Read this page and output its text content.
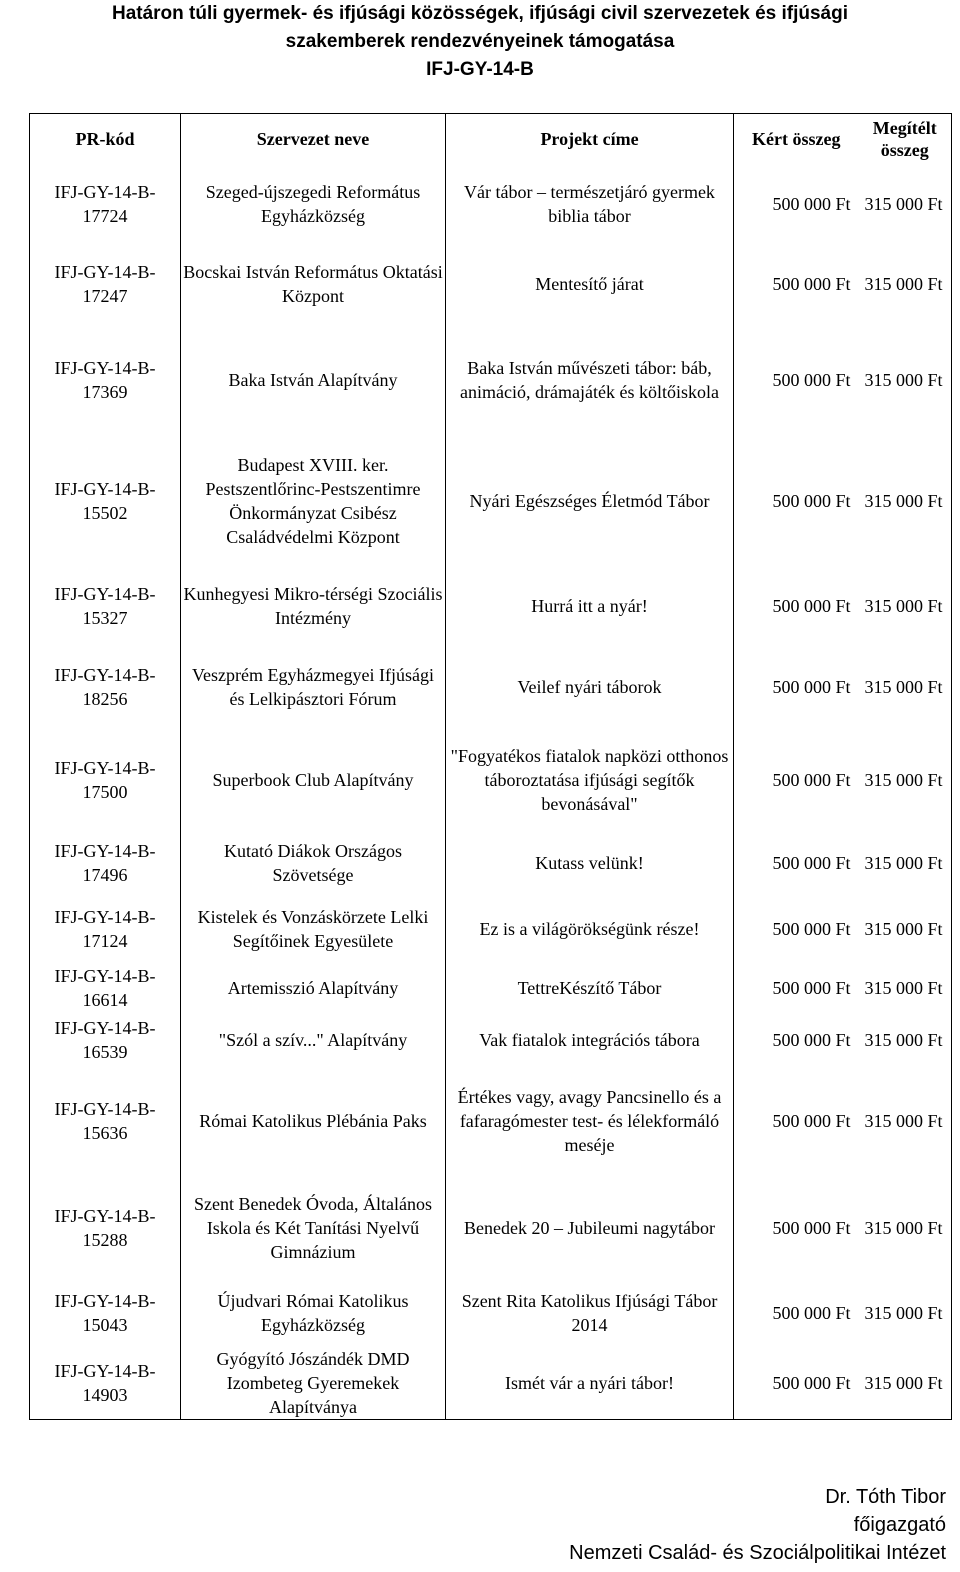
Határon túli gyermek- és ifjúsági közösségek, ifjúsági civil szervezetek és ifjúsági
szakemberek rendezvényeinek támogatása
IFJ-GY-14-B
PR-kód	Szervezet neve	Projekt címe	Kért összeg	Megítélt összeg

IFJ-GY-14-B-
17724	Szeged-újszegedi Református Egyházközség	Vár tábor – természetjáró gyermek biblia tábor	500 000 Ft	315 000 Ft

IFJ-GY-14-B-
17247	Bocskai István Református Oktatási Központ	Mentesítő járat	500 000 Ft	315 000 Ft

IFJ-GY-14-B-
17369	Baka István Alapítvány	Baka István művészeti tábor: báb, animáció, drámajáték és költőiskola	500 000 Ft	315 000 Ft

IFJ-GY-14-B-
15502	Budapest XVIII. ker. Pestszentlőrinc-Pestszentimre Önkormányzat Csibész Családvédelmi Központ	Nyári Egészséges Életmód Tábor	500 000 Ft	315 000 Ft

IFJ-GY-14-B-
15327	Kunhegyesi Mikro-térségi Szociális Intézmény	Hurrá itt a nyár!	500 000 Ft	315 000 Ft

IFJ-GY-14-B-
18256	Veszprém Egyházmegyei Ifjúsági és Lelkipásztori Fórum	Veilef nyári táborok	500 000 Ft	315 000 Ft

IFJ-GY-14-B-
17500	Superbook Club Alapítvány	"Fogyatékos fiatalok napközi otthonos táboroztatása ifjúsági segítők bevonásával"	500 000 Ft	315 000 Ft

IFJ-GY-14-B-
17496	Kutató Diákok Országos Szövetsége	Kutass velünk!	500 000 Ft	315 000 Ft

IFJ-GY-14-B-
17124	Kistelek és Vonzáskörzete Lelki Segítőinek Egyesülete	Ez is a világörökségünk része!	500 000 Ft	315 000 Ft

IFJ-GY-14-B-
16614	Artemisszió Alapítvány	TettreKészítő Tábor	500 000 Ft	315 000 Ft

IFJ-GY-14-B-
16539	"Szól a szív..." Alapítvány	Vak fiatalok integrációs tábora	500 000 Ft	315 000 Ft

IFJ-GY-14-B-
15636	Római Katolikus Plébánia Paks	Értékes vagy, avagy Pancsinello és a fafaragómester test- és lélekformáló meséje	500 000 Ft	315 000 Ft

IFJ-GY-14-B-
15288	Szent Benedek Óvoda, Általános Iskola és Két Tanítási Nyelvű Gimnázium	Benedek 20 – Jubileumi nagytábor	500 000 Ft	315 000 Ft

IFJ-GY-14-B-
15043	Újudvari Római Katolikus Egyházközség	Szent Rita Katolikus Ifjúsági Tábor 2014	500 000 Ft	315 000 Ft

IFJ-GY-14-B-
14903	Gyógyító Jószándék DMD Izombeteg Gyeremekek Alapítványa	Ismét vár a nyári tábor!	500 000 Ft	315 000 Ft
Dr. Tóth Tibor
főigazgató
Nemzeti Család- és Szociálpolitikai Intézet
